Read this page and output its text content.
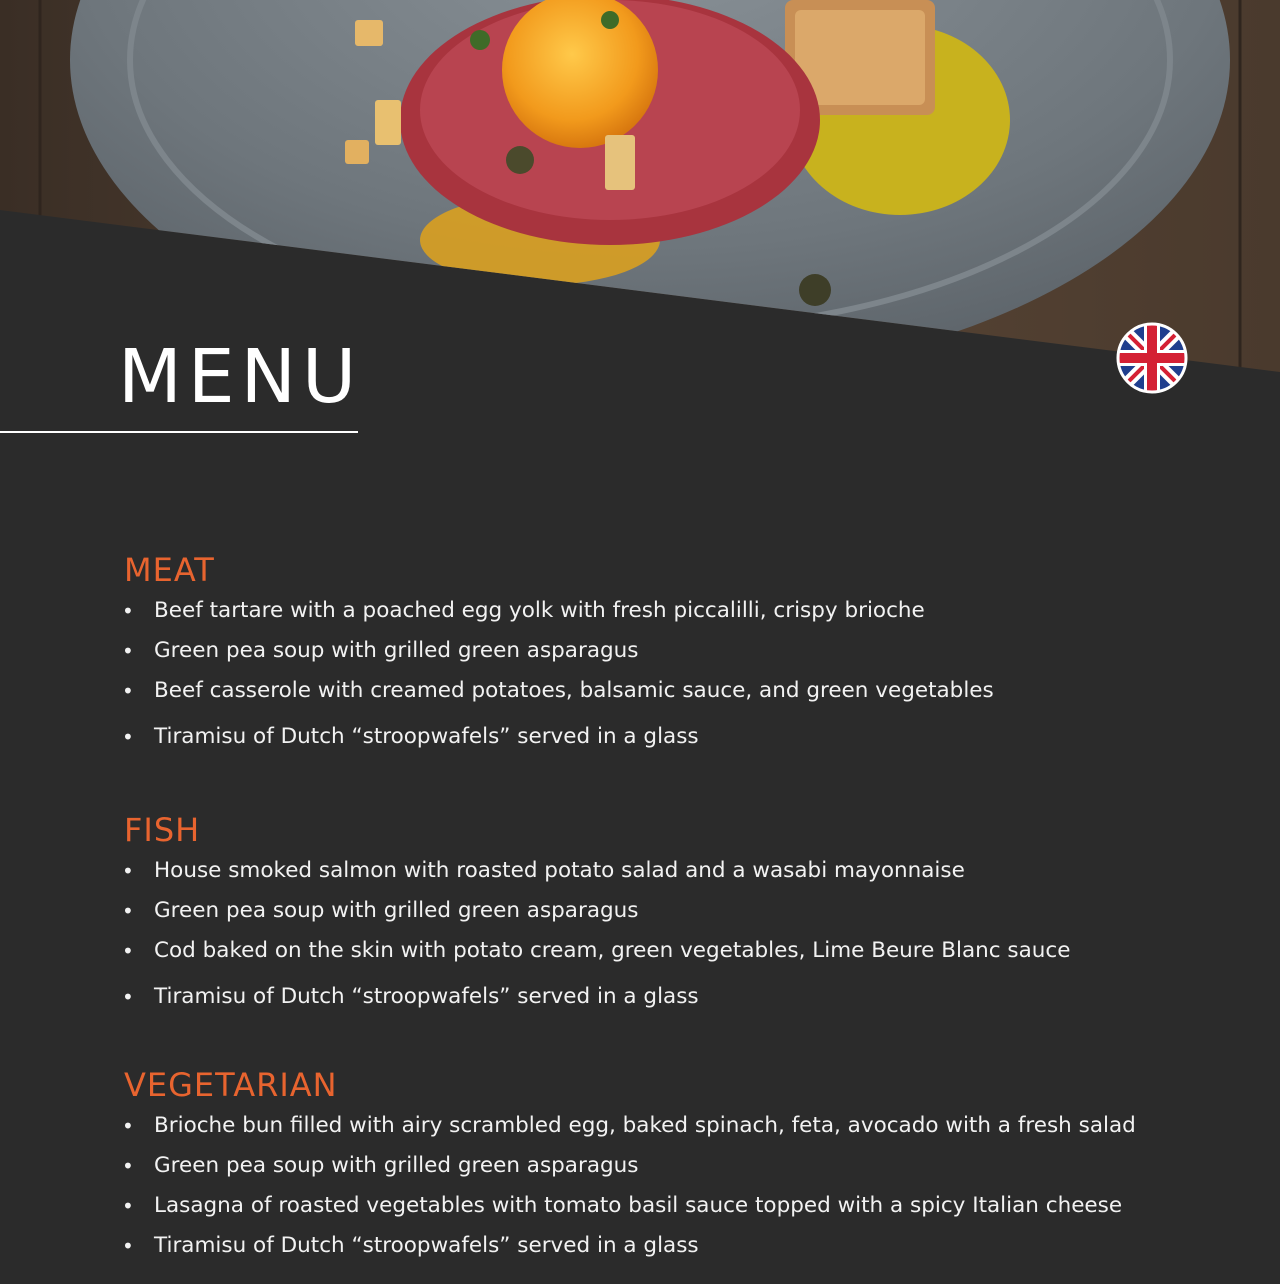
MENU
MEAT
• Beef tartare with a poached egg yolk with fresh piccalilli, crispy brioche
• Green pea soup with grilled green asparagus
• Beef casserole with creamed potatoes, balsamic sauce, and green vegetables
• Tiramisu of Dutch “stroopwafels” served in a glass
FISH
• House smoked salmon with roasted potato salad and a wasabi mayonnaise
• Green pea soup with grilled green asparagus
• Cod baked on the skin with potato cream, green vegetables, Lime Beure Blanc sauce
• Tiramisu of Dutch “stroopwafels” served in a glass
VEGETARIAN
• Brioche bun filled with airy scrambled egg, baked spinach, feta, avocado with a fresh salad
• Green pea soup with grilled green asparagus
• Lasagna of roasted vegetables with tomato basil sauce topped with a spicy Italian cheese
• Tiramisu of Dutch “stroopwafels” served in a glass
